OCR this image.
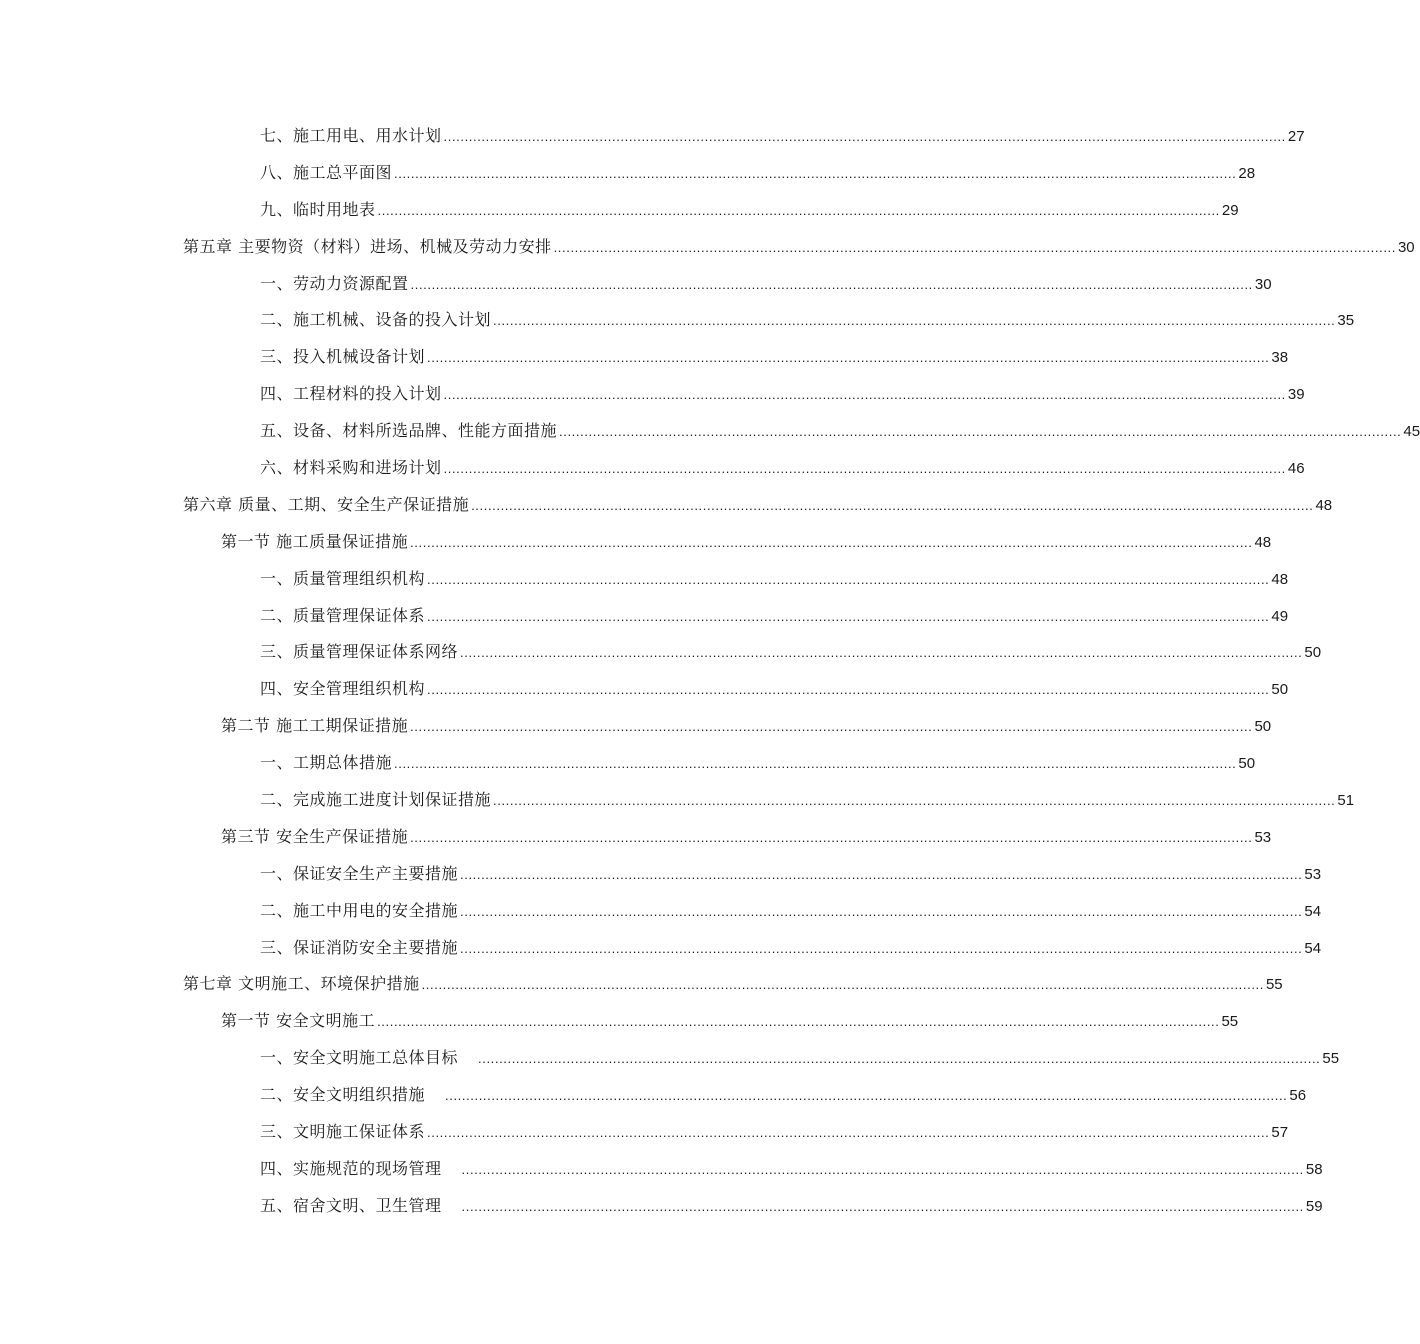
七、施工用电、用水计划 ........................................................................................................................................................................................................ 27
八、施工总平面图 ........................................................................................................................................................................................................ 28
九、临时用地表 ........................................................................................................................................................................................................ 29
第五章 主要物资（材料）进场、机械及劳动力安排 ........................................................................................................................................................................................................ 30
一、劳动力资源配置 ........................................................................................................................................................................................................ 30
二、施工机械、设备的投入计划 ........................................................................................................................................................................................................ 35
三、投入机械设备计划 ........................................................................................................................................................................................................ 38
四、工程材料的投入计划 ........................................................................................................................................................................................................ 39
五、设备、材料所选品牌、性能方面措施 ........................................................................................................................................................................................................ 45
六、材料采购和进场计划 ........................................................................................................................................................................................................ 46
第六章 质量、工期、安全生产保证措施 ........................................................................................................................................................................................................ 48
第一节 施工质量保证措施 ........................................................................................................................................................................................................ 48
一、质量管理组织机构 ........................................................................................................................................................................................................ 48
二、质量管理保证体系 ........................................................................................................................................................................................................ 49
三、质量管理保证体系网络 ........................................................................................................................................................................................................ 50
四、安全管理组织机构 ........................................................................................................................................................................................................ 50
第二节 施工工期保证措施 ........................................................................................................................................................................................................ 50
一、工期总体措施 ........................................................................................................................................................................................................ 50
二、完成施工进度计划保证措施 ........................................................................................................................................................................................................ 51
第三节 安全生产保证措施 ........................................................................................................................................................................................................ 53
一、保证安全生产主要措施 ........................................................................................................................................................................................................ 53
二、施工中用电的安全措施 ........................................................................................................................................................................................................ 54
三、保证消防安全主要措施 ........................................................................................................................................................................................................ 54
第七章 文明施工、环境保护措施 ........................................................................................................................................................................................................ 55
第一节 安全文明施工 ........................................................................................................................................................................................................ 55
一、安全文明施工总体目标 ........................................................................................................................................................................................................ 55
二、安全文明组织措施 ........................................................................................................................................................................................................ 56
三、文明施工保证体系 ........................................................................................................................................................................................................ 57
四、实施规范的现场管理 ........................................................................................................................................................................................................ 58
五、宿舍文明、卫生管理 ........................................................................................................................................................................................................ 59
